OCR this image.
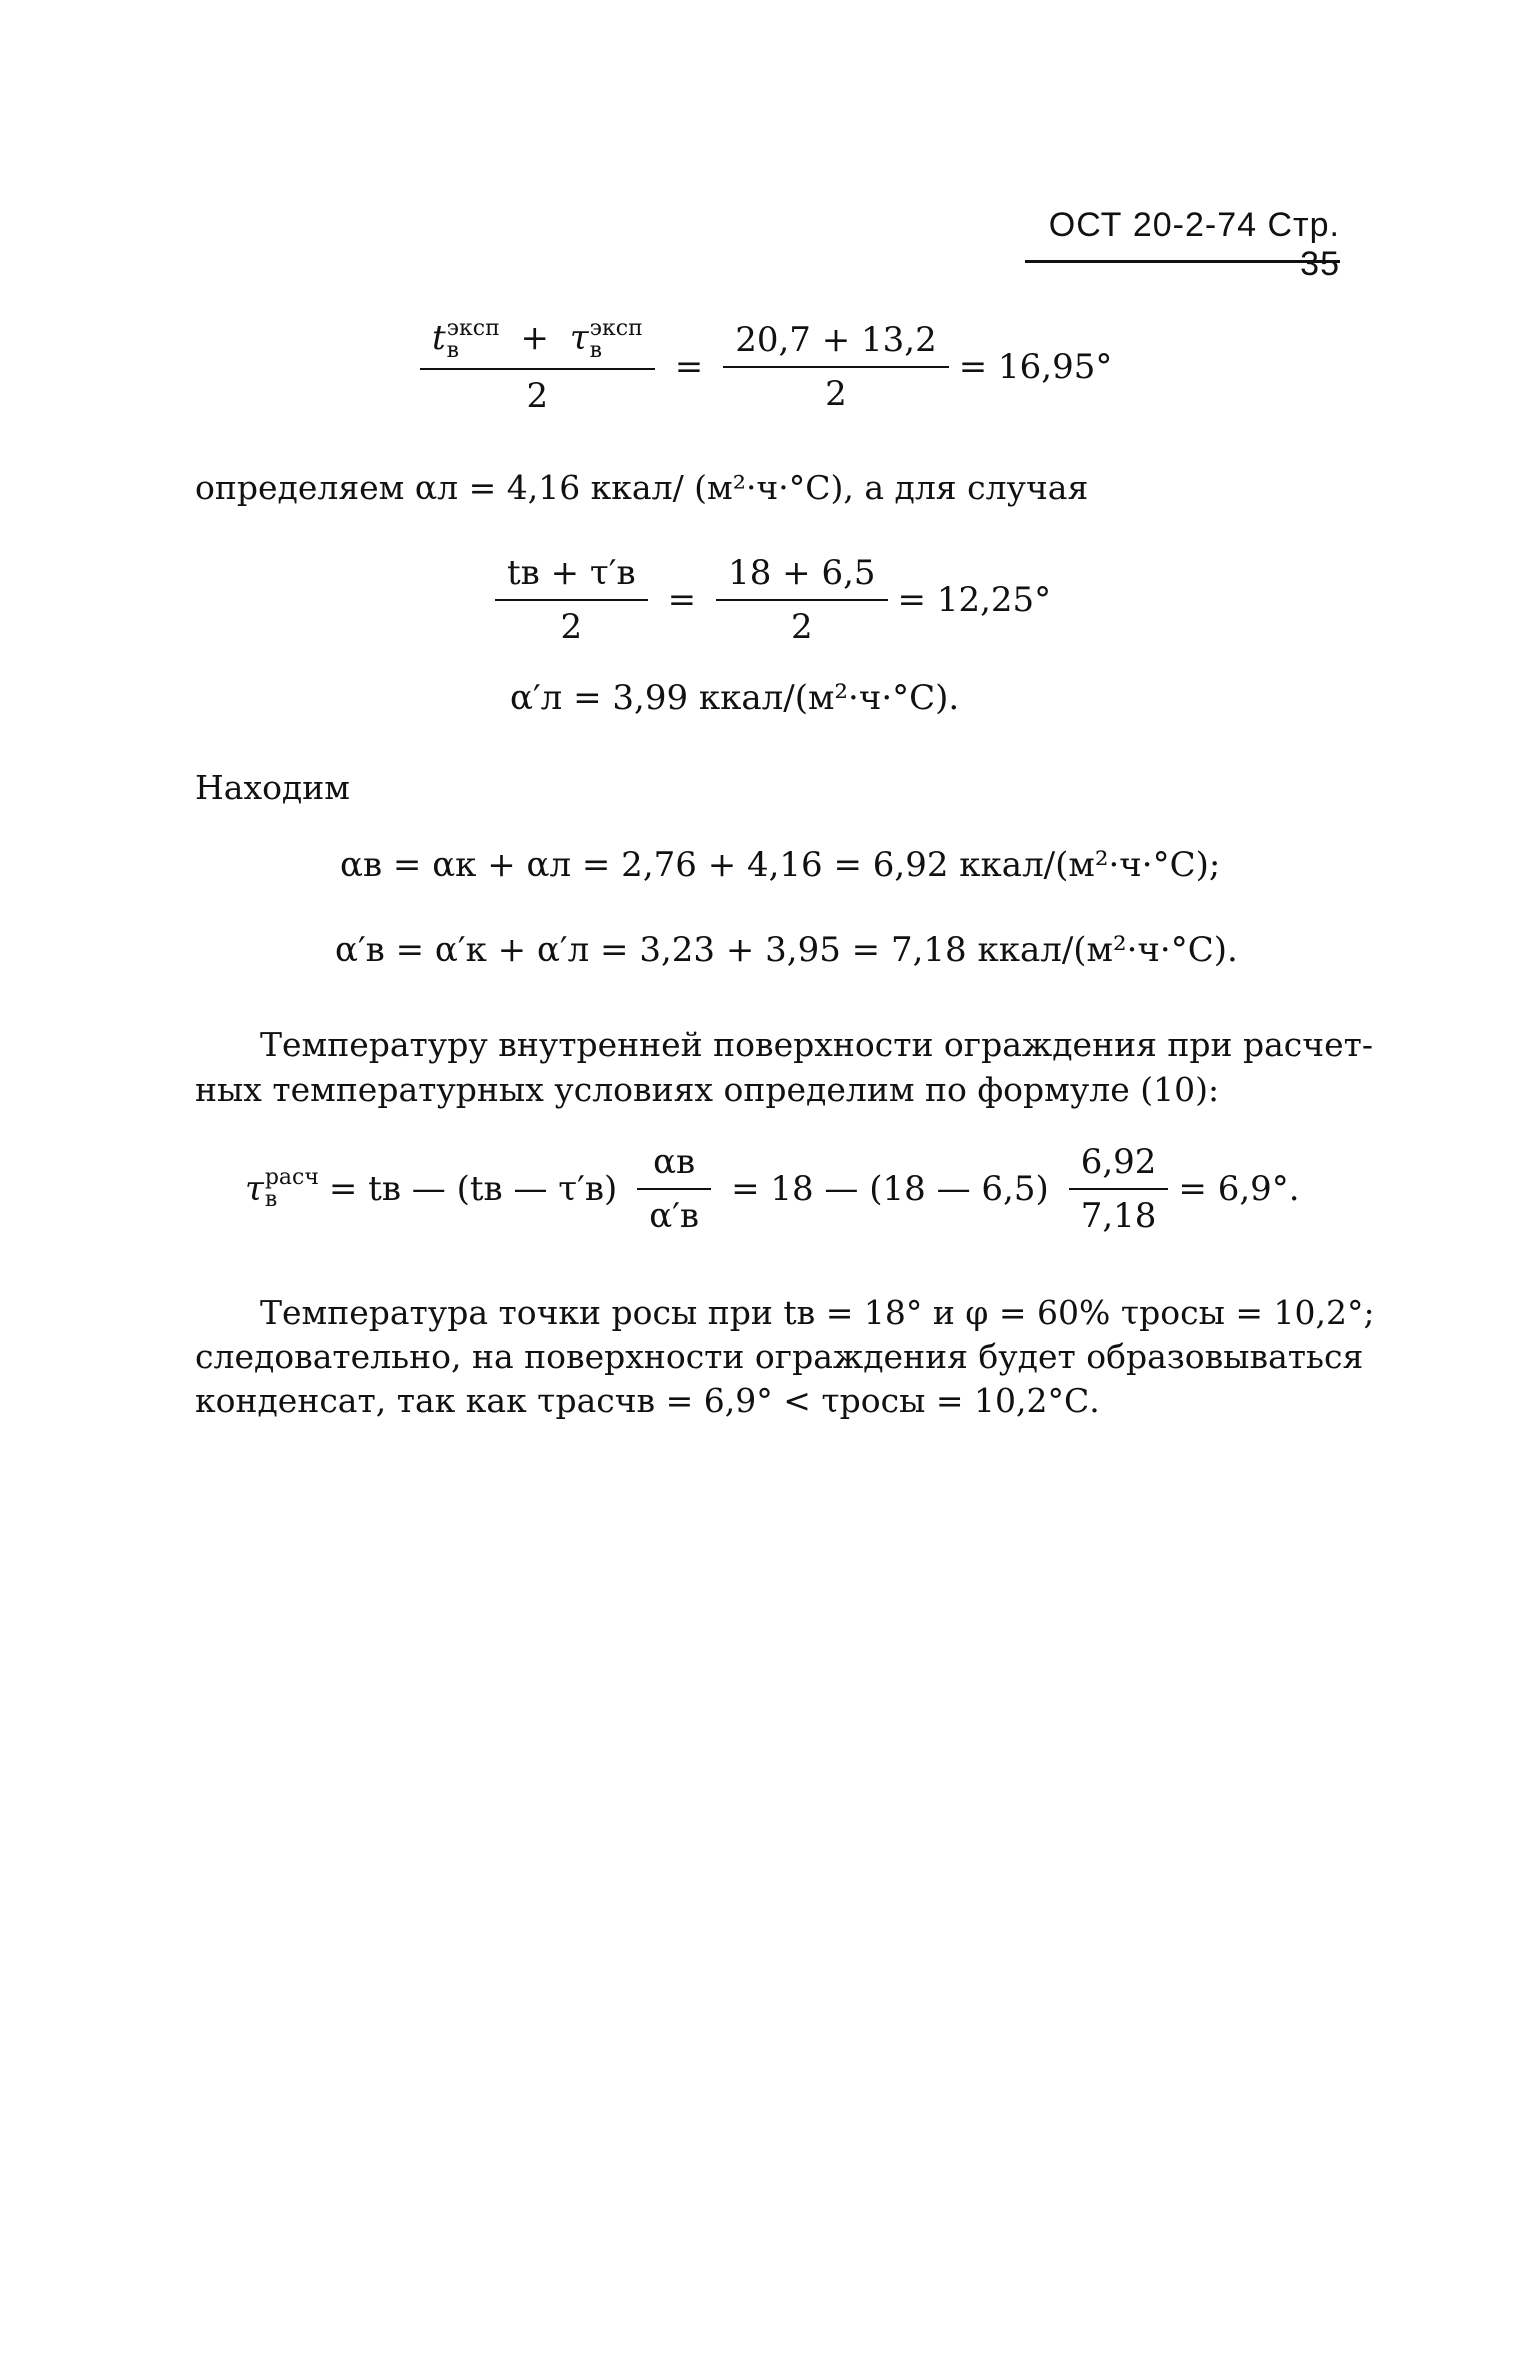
ОСТ 20-2-74 Стр. 35
t эксп
в	+ τ эксп
в
$2 = \frac{20,7 + 13,2}{2} = 16,95^\circ$
определяем αл = 4,16 ккал/ (м²·ч·°С), а для случая
$\frac{tв + \tau'в}{2} = \frac{18 + 6,5}{2} = 12,25^\circ$
α′л = 3,99 ккал/(м²·ч·°С).
Находим
αв = αк + αл = 2,76 + 4,16 = 6,92 ккал/(м²·ч·°С);
α′в = α′к + α′л = 3,23 + 3,95 = 7,18 ккал/(м²·ч·°С).
Температуру внутренней поверхности ограждения при расчет-
ных температурных условиях определим по формуле (10):
τ расч
в	= tв — (tв — $\tau'в) \frac{\alpha в}{\alpha'в} = 18$ — (18 — $6,5) \frac{6,92}{7,18} = 6,9^\circ$.
Температура точки росы при tв = 18° и φ = 60% τросы = 10,2°;
следовательно, на поверхности ограждения будет образовываться
конденсат, так как τрасчв = 6,9° < τросы = 10,2°С.
